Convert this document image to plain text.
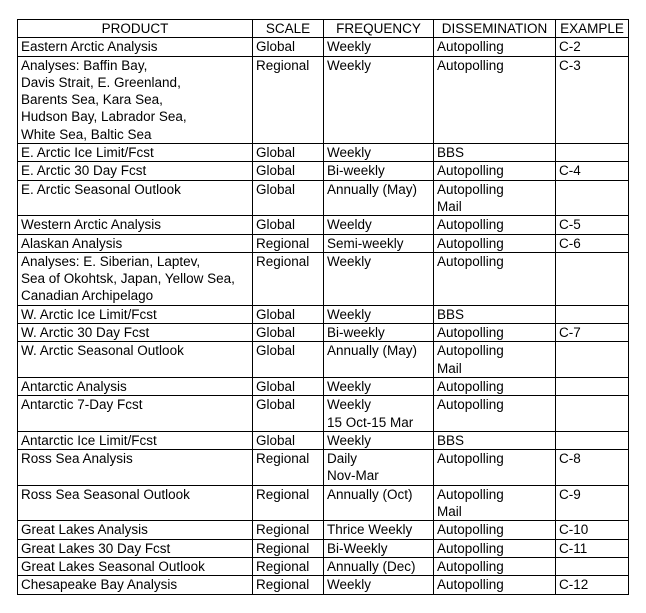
PRODUCT	SCALE	FREQUENCY	DISSEMINATION	EXAMPLE

Eastern Arctic Analysis	Global	Weekly	Autopolling	C-2

Analyses: Baffin Bay,
Davis Strait, E. Greenland,
Barents Sea, Kara Sea,
Hudson Bay, Labrador Sea,
White Sea, Baltic Sea	Regional	Weekly	Autopolling	C-3

E. Arctic Ice Limit/Fcst	Global	Weekly	BBS	

E. Arctic 30 Day Fcst	Global	Bi-weekly	Autopolling	C-4

E. Arctic Seasonal Outlook	Global	Annually (May)	Autopolling
Mail	

Western Arctic Analysis	Global	Weeldy	Autopolling	C-5

Alaskan Analysis	Regional	Semi-weekly	Autopolling	C-6

Analyses: E. Siberian, Laptev,
Sea of Okohtsk, Japan, Yellow Sea,
Canadian Archipelago	Regional	Weekly	Autopolling	

W. Arctic Ice Limit/Fcst	Global	Weekly	BBS	

W. Arctic 30 Day Fcst	Global	Bi-weekly	Autopolling	C-7

W. Arctic Seasonal Outlook	Global	Annually (May)	Autopolling
Mail	

Antarctic Analysis	Global	Weekly	Autopolling	

Antarctic 7-Day Fcst	Global	Weekly
15 Oct-15 Mar	Autopolling	

Antarctic Ice Limit/Fcst	Global	Weekly	BBS	

Ross Sea Analysis	Regional	Daily
Nov-Mar	Autopolling	C-8

Ross Sea Seasonal Outlook	Regional	Annually (Oct)	Autopolling
Mail	C-9

Great Lakes Analysis	Regional	Thrice Weekly	Autopolling	C-10

Great Lakes 30 Day Fcst	Regional	Bi-Weekly	Autopolling	C-11

Great Lakes Seasonal Outlook	Regional	Annually (Dec)	Autopolling	

Chesapeake Bay Analysis	Regional	Weekly	Autopolling	C-12
